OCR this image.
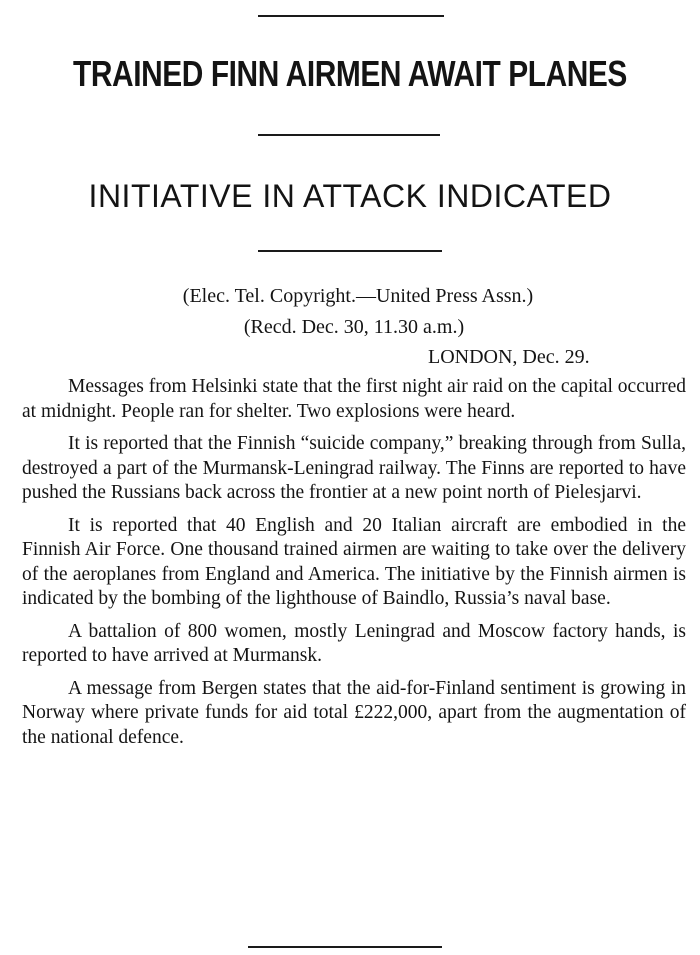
TRAINED FINN AIRMEN AWAIT PLANES
INITIATIVE IN ATTACK INDICATED
(Elec. Tel. Copyright.—United Press Assn.)
(Recd. Dec. 30, 11.30 a.m.)
LONDON, Dec. 29.

Messages from Helsinki state that the first night air raid on the capital occurred at midnight. People ran for shelter. Two explosions were heard.

It is reported that the Finnish “suicide company,” breaking through from Sulla, destroyed a part of the Murmansk-Leningrad railway. The Finns are reported to have pushed the Russians back across the frontier at a new point north of Pielesjarvi.

It is reported that 40 English and 20 Italian aircraft are embodied in the Finnish Air Force. One thousand trained airmen are waiting to take over the delivery of the aeroplanes from England and America. The initiative by the Finnish airmen is indicated by the bombing of the lighthouse of Baindlo, Russia’s naval base.

A battalion of 800 women, mostly Leningrad and Moscow factory hands, is reported to have arrived at Murmansk.

A message from Bergen states that the aid-for-Finland sentiment is growing in Norway where private funds for aid total £222,000, apart from the augmentation of the national defence.
